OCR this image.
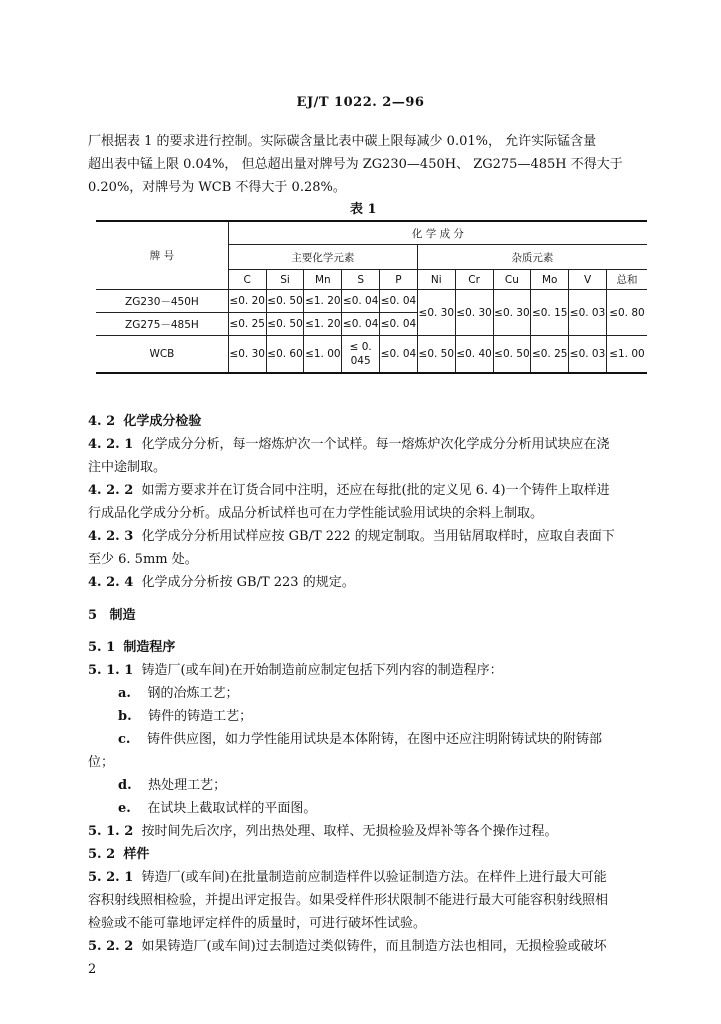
EJ/T 1022. 2—96
厂根据表 1 的要求进行控制。实际碳含量比表中碳上限每减少 0.01%， 允许实际锰含量
超出表中锰上限 0.04%， 但总超出量对牌号为 ZG230—450H、 ZG275—485H 不得大于
0.20%，对牌号为 WCB 不得大于 0.28%。
表 1
牌 号	化 学 成 分										
	主要化学元素					杂质元素					
	C	Si	Mn	S	P	Ni	Cr	Cu	Mo	V	总和
ZG230－450H	≤0. 20	≤0. 50	≤1. 20	≤0. 04	≤0. 04	≤0. 30	≤0. 30	≤0. 30	≤0. 15	≤0. 03	≤0. 80
ZG275－485H	≤0. 25	≤0. 50	≤1. 20	≤0. 04	≤0. 04						
WCB	≤0. 30	≤0. 60	≤1. 00	≤ 0. 045	≤0. 04	≤0. 50	≤0. 40	≤0. 50	≤0. 25	≤0. 03	≤1. 00
4. 2 化学成分检验
4. 2. 1 化学成分分析，每一熔炼炉次一个试样。每一熔炼炉次化学成分分析用试块应在浇
注中途制取。
4. 2. 2 如需方要求并在订货合同中注明，还应在每批(批的定义见 6. 4)一个铸件上取样进
行成品化学成分分析。成品分析试样也可在力学性能试验用试块的余料上制取。
4. 2. 3 化学成分分析用试样应按 GB/T 222 的规定制取。当用钻屑取样时，应取自表面下
至少 6. 5mm 处。
4. 2. 4 化学成分分析按 GB/T 223 的规定。
5 制造
5. 1 制造程序
5. 1. 1 铸造厂(或车间)在开始制造前应制定包括下列内容的制造程序：
a. 钢的冶炼工艺；
b. 铸件的铸造工艺；
c. 铸件供应图，如力学性能用试块是本体附铸，在图中还应注明附铸试块的附铸部
位；
d. 热处理工艺；
e. 在试块上截取试样的平面图。
5. 1. 2 按时间先后次序，列出热处理、取样、无损检验及焊补等各个操作过程。
5. 2 样件
5. 2. 1 铸造厂(或车间)在批量制造前应制造样件以验证制造方法。在样件上进行最大可能
容积射线照相检验，并提出评定报告。如果受样件形状限制不能进行最大可能容积射线照相
检验或不能可靠地评定样件的质量时，可进行破坏性试验。
5. 2. 2 如果铸造厂(或车间)过去制造过类似铸件，而且制造方法也相同，无损检验或破坏
2
